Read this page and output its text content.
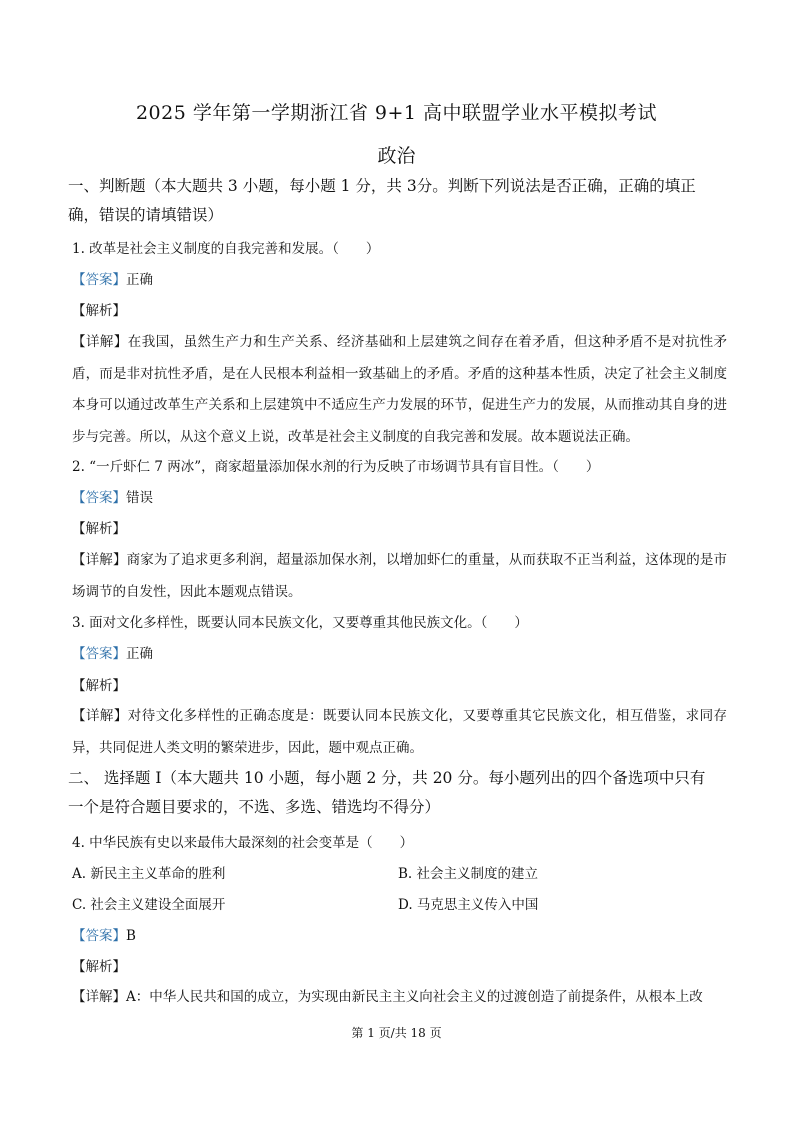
2025 学年第一学期浙江省 9+1 高中联盟学业水平模拟考试
政治
一、判断题（本大题共 3 小题，每小题 1 分，共 3分。判断下列说法是否正确，正确的填正
确，错误的请填错误）
1. 改革是社会主义制度的自我完善和发展。（　　）
【答案】正确
【解析】
【详解】在我国，虽然生产力和生产关系、经济基础和上层建筑之间存在着矛盾，但这种矛盾不是对抗性矛盾，而是非对抗性矛盾，是在人民根本利益相一致基础上的矛盾。矛盾的这种基本性质，决定了社会主义制度本身可以通过改革生产关系和上层建筑中不适应生产力发展的环节，促进生产力的发展，从而推动其自身的进步与完善。所以，从这个意义上说，改革是社会主义制度的自我完善和发展。故本题说法正确。
2. “一斤虾仁 7 两冰”，商家超量添加保水剂的行为反映了市场调节具有盲目性。（　　）
【答案】错误
【解析】
【详解】商家为了追求更多利润，超量添加保水剂，以增加虾仁的重量，从而获取不正当利益，这体现的是市场调节的自发性，因此本题观点错误。
3. 面对文化多样性，既要认同本民族文化，又要尊重其他民族文化。（　　）
【答案】正确
【解析】
【详解】对待文化多样性的正确态度是：既要认同本民族文化，又要尊重其它民族文化，相互借鉴，求同存异，共同促进人类文明的繁荣进步，因此，题中观点正确。
二、 选择题 I（本大题共 10 小题，每小题 2 分，共 20 分。每小题列出的四个备选项中只有
一个是符合题目要求的，不选、多选、错选均不得分）
4. 中华民族有史以来最伟大最深刻的社会变革是（　　）
A. 新民主主义革命的胜利	B. 社会主义制度的建立
C. 社会主义建设全面展开	D. 马克思主义传入中国
【答案】B
【解析】
【详解】A：中华人民共和国的成立，为实现由新民主主义向社会主义的过渡创造了前提条件，从根本上改
第 1 页/共 18 页
